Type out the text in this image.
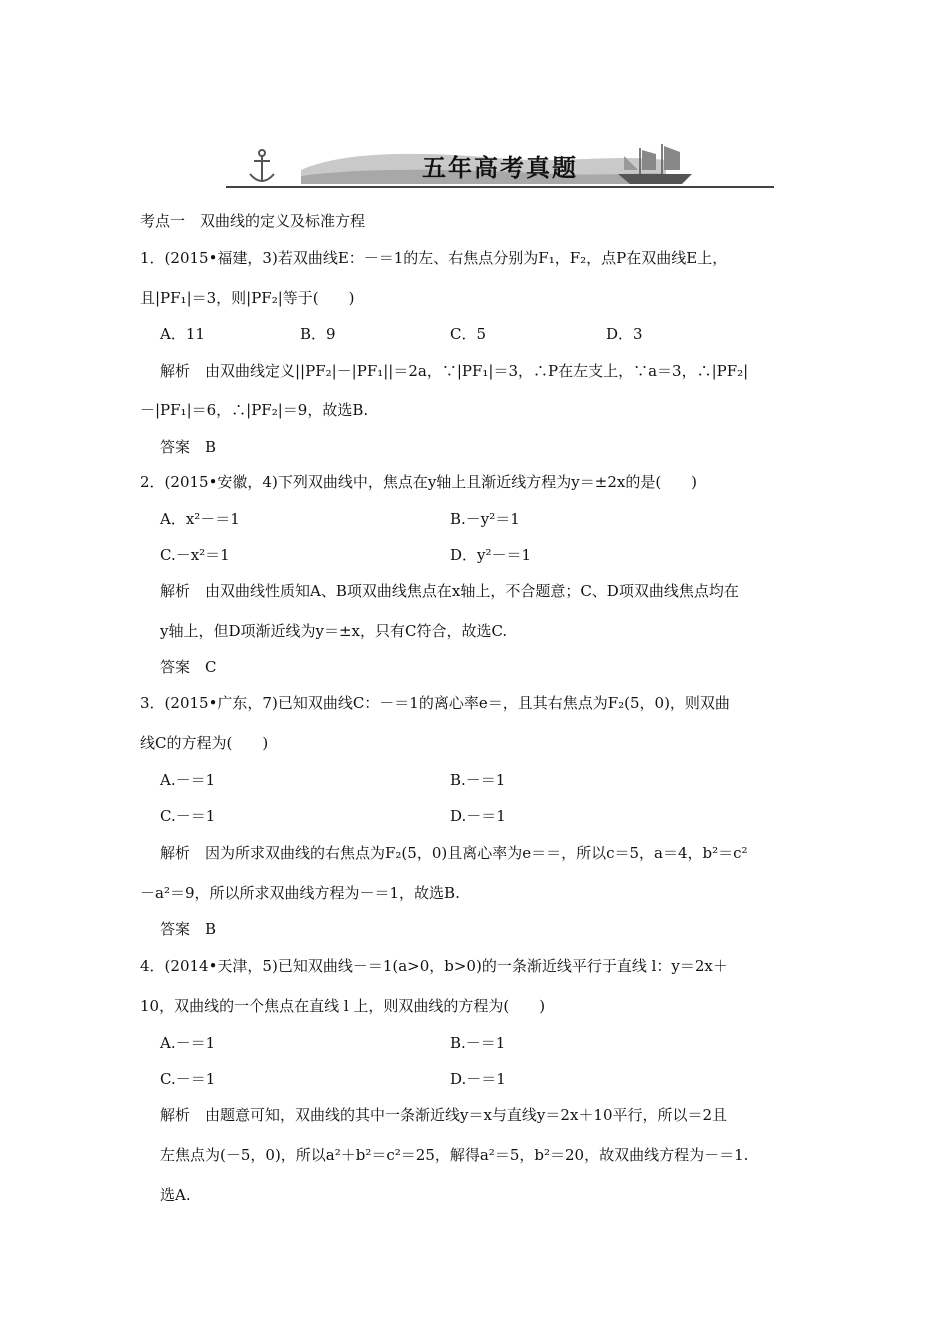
五年高考真题
考点一　双曲线的定义及标准方程
1．(2015•福建，3)若双曲线E：－＝1的左、右焦点分别为F₁，F₂，点P在双曲线E上，
且|PF₁|＝3，则|PF₂|等于(　　)
A．11	B．9	C．5	D．3
解析　由双曲线定义||PF₂|－|PF₁||＝2a，∵|PF₁|＝3，∴P在左支上，∵a＝3，∴|PF₂|
－|PF₁|＝6，∴|PF₂|＝9，故选B.
答案　B
2．(2015•安徽，4)下列双曲线中，焦点在y轴上且渐近线方程为y＝±2x的是(　　)
A．x²－＝1	B.－y²＝1
C.－x²＝1	D．y²－＝1
解析　由双曲线性质知A、B项双曲线焦点在x轴上，不合题意；C、D项双曲线焦点均在
y轴上，但D项渐近线为y＝±x，只有C符合，故选C.
答案　C
3．(2015•广东，7)已知双曲线C：－＝1的离心率e＝，且其右焦点为F₂(5，0)，则双曲
线C的方程为(　　)
A.－＝1	B.－＝1
C.－＝1	D.－＝1
解析　因为所求双曲线的右焦点为F₂(5，0)且离心率为e＝＝，所以c＝5，a＝4，b²＝c²
－a²＝9，所以所求双曲线方程为－＝1，故选B.
答案　B
4．(2014•天津，5)已知双曲线－＝1(a>0，b>0)的一条渐近线平行于直线 l：y＝2x＋
10，双曲线的一个焦点在直线 l 上，则双曲线的方程为(　　)
A.－＝1	B.－＝1
C.－＝1	D.－＝1
解析　由题意可知，双曲线的其中一条渐近线y＝x与直线y＝2x＋10平行，所以＝2且
左焦点为(－5，0)，所以a²＋b²＝c²＝25，解得a²＝5，b²＝20，故双曲线方程为－＝1.
选A.
